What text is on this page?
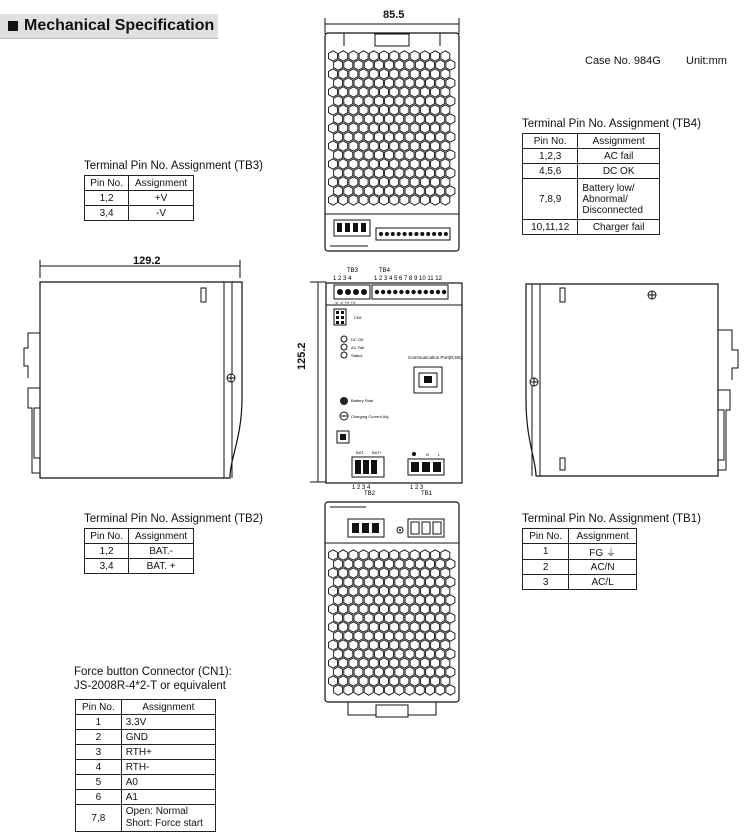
Mechanical Specification
Case No. 984G Unit:mm
85.5
Terminal Pin No. Assignment (TB4)
Pin No.	Assignment
1,2,3	AC fail
4,5,6	DC OK
7,8,9	Battery low/
Abnormal/
Disconnected

10,11,12	Charger fail
Terminal Pin No. Assignment (TB3)
Pin No.	Assignment
1,2	+V
3,4	-V
129.2
125.2
TB3	TB4
1 2 3 4	1 2 3 4 5 6 7 8 9 10 11 12
-V -V +V +V
CN1
DC OK
AC Fail
Status	Communication Port(RJ45)
Battery Start
Charging Current Adj.
BAT- BAT+	N L
1 2 3 4
TB2
1 2 3
TB1
Terminal Pin No. Assignment (TB2)
Pin No.	Assignment
1,2	BAT.-
3,4	BAT. +
Terminal Pin No. Assignment (TB1)
Pin No.	Assignment
1	FG ⏚
2	AC/N
3	AC/L
Force button Connector (CN1):
JS-2008R-4*2-T or equivalent
Pin No.	Assignment
1	3.3V
2	GND
3	RTH+
4	RTH-
5	A0
6	A1
7,8	Open: Normal
Short: Force start
